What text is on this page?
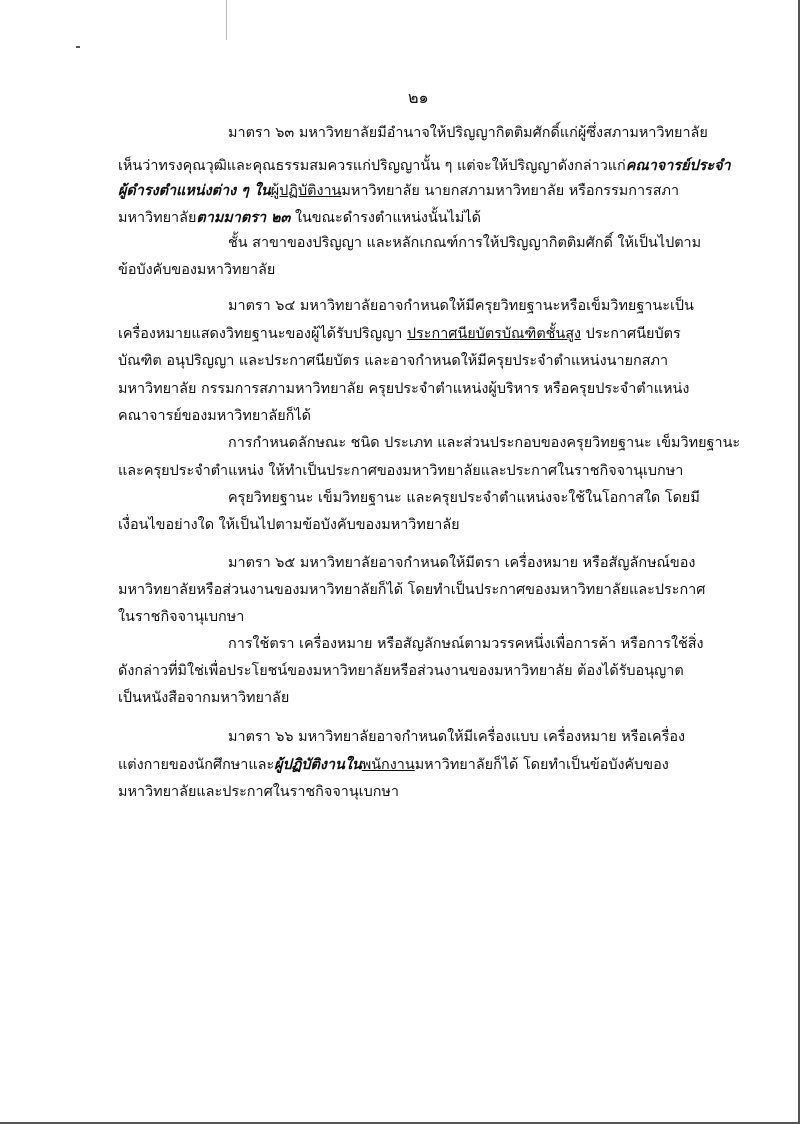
๒๑
มาตรา ๖๓ มหาวิทยาลัยมีอำนาจให้ปริญญากิตติมศักดิ์แก่ผู้ซึ่งสภามหาวิทยาลัย
เห็นว่าทรงคุณวุฒิและคุณธรรมสมควรแก่ปริญญานั้น ๆ แต่จะให้ปริญญาดังกล่าวแก่คณาจารย์ประจำ
ผู้ดำรงตำแหน่งต่าง ๆ ในผู้ปฏิบัติงานมหาวิทยาลัย นายกสภามหาวิทยาลัย หรือกรรมการสภา
มหาวิทยาลัยตามมาตรา ๒๓ ในขณะดำรงตำแหน่งนั้นไม่ได้
ชั้น สาขาของปริญญา และหลักเกณฑ์การให้ปริญญากิตติมศักดิ์ ให้เป็นไปตาม
ข้อบังคับของมหาวิทยาลัย
มาตรา ๖๔ มหาวิทยาลัยอาจกำหนดให้มีครุยวิทยฐานะหรือเข็มวิทยฐานะเป็น
เครื่องหมายแสดงวิทยฐานะของผู้ได้รับปริญญา ประกาศนียบัตรบัณฑิตชั้นสูง ประกาศนียบัตร
บัณฑิต อนุปริญญา และประกาศนียบัตร และอาจกำหนดให้มีครุยประจำตำแหน่งนายกสภา
มหาวิทยาลัย กรรมการสภามหาวิทยาลัย ครุยประจำตำแหน่งผู้บริหาร หรือครุยประจำตำแหน่ง
คณาจารย์ของมหาวิทยาลัยก็ได้
การกำหนดลักษณะ ชนิด ประเภท และส่วนประกอบของครุยวิทยฐานะ เข็มวิทยฐานะ
และครุยประจำตำแหน่ง ให้ทำเป็นประกาศของมหาวิทยาลัยและประกาศในราชกิจจานุเบกษา
ครุยวิทยฐานะ เข็มวิทยฐานะ และครุยประจำตำแหน่งจะใช้ในโอกาสใด โดยมี
เงื่อนไขอย่างใด ให้เป็นไปตามข้อบังคับของมหาวิทยาลัย
มาตรา ๖๕ มหาวิทยาลัยอาจกำหนดให้มีตรา เครื่องหมาย หรือสัญลักษณ์ของ
มหาวิทยาลัยหรือส่วนงานของมหาวิทยาลัยก็ได้ โดยทำเป็นประกาศของมหาวิทยาลัยและประกาศ
ในราชกิจจานุเบกษา
การใช้ตรา เครื่องหมาย หรือสัญลักษณ์ตามวรรคหนึ่งเพื่อการค้า หรือการใช้สิ่ง
ดังกล่าวที่มิใช่เพื่อประโยชน์ของมหาวิทยาลัยหรือส่วนงานของมหาวิทยาลัย ต้องได้รับอนุญาต
เป็นหนังสือจากมหาวิทยาลัย
มาตรา ๖๖ มหาวิทยาลัยอาจกำหนดให้มีเครื่องแบบ เครื่องหมาย หรือเครื่อง
แต่งกายของนักศึกษาและผู้ปฏิบัติงานในพนักงานมหาวิทยาลัยก็ได้ โดยทำเป็นข้อบังคับของ
มหาวิทยาลัยและประกาศในราชกิจจานุเบกษา
